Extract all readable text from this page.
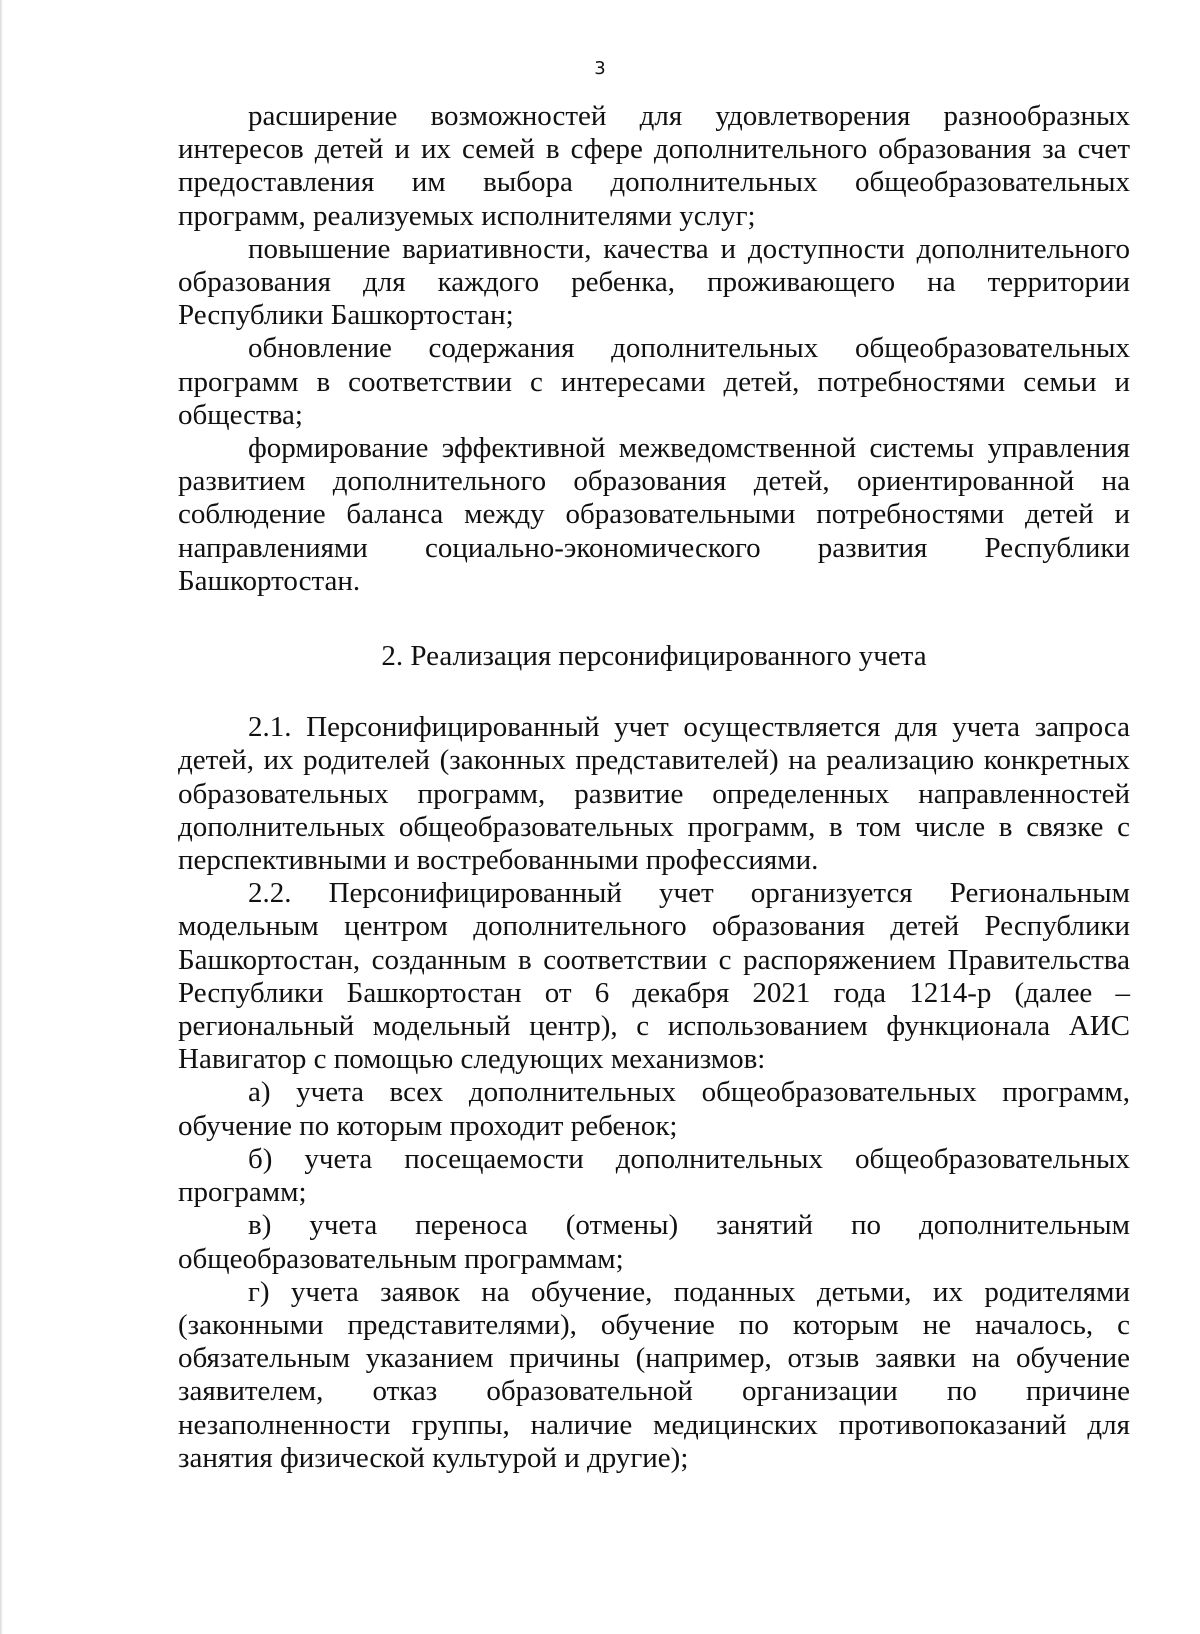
3

расширение возможностей для удовлетворения разнообразных интересов детей и их семей в сфере дополнительного образования за счет предоставления им выбора дополнительных общеобразовательных программ, реализуемых исполнителями услуг;

повышение вариативности, качества и доступности дополнительного образования для каждого ребенка, проживающего на территории Республики Башкортостан;

обновление содержания дополнительных общеобразовательных программ в соответствии с интересами детей, потребностями семьи и общества;

формирование эффективной межведомственной системы управления развитием дополнительного образования детей, ориентированной на соблюдение баланса между образовательными потребностями детей и направлениями социально-экономического развития Республики Башкортостан.

2. Реализация персонифицированного учета

2.1. Персонифицированный учет осуществляется для учета запроса детей, их родителей (законных представителей) на реализацию конкретных образовательных программ, развитие определенных направленностей дополнительных общеобразовательных программ, в том числе в связке с перспективными и востребованными профессиями.

2.2. Персонифицированный учет организуется Региональным модельным центром дополнительного образования детей Республики Башкортостан, созданным в соответствии с распоряжением Правительства Республики Башкортостан от 6 декабря 2021 года 1214-р (далее – региональный модельный центр), с использованием функционала АИС Навигатор с помощью следующих механизмов:

а) учета всех дополнительных общеобразовательных программ, обучение по которым проходит ребенок;

б) учета посещаемости дополнительных общеобразовательных программ;

в) учета переноса (отмены) занятий по дополнительным общеобразовательным программам;

г) учета заявок на обучение, поданных детьми, их родителями (законными представителями), обучение по которым не началось, с обязательным указанием причины (например, отзыв заявки на обучение заявителем, отказ образовательной организации по причине незаполненности группы, наличие медицинских противопоказаний для занятия физической культурой и другие);
